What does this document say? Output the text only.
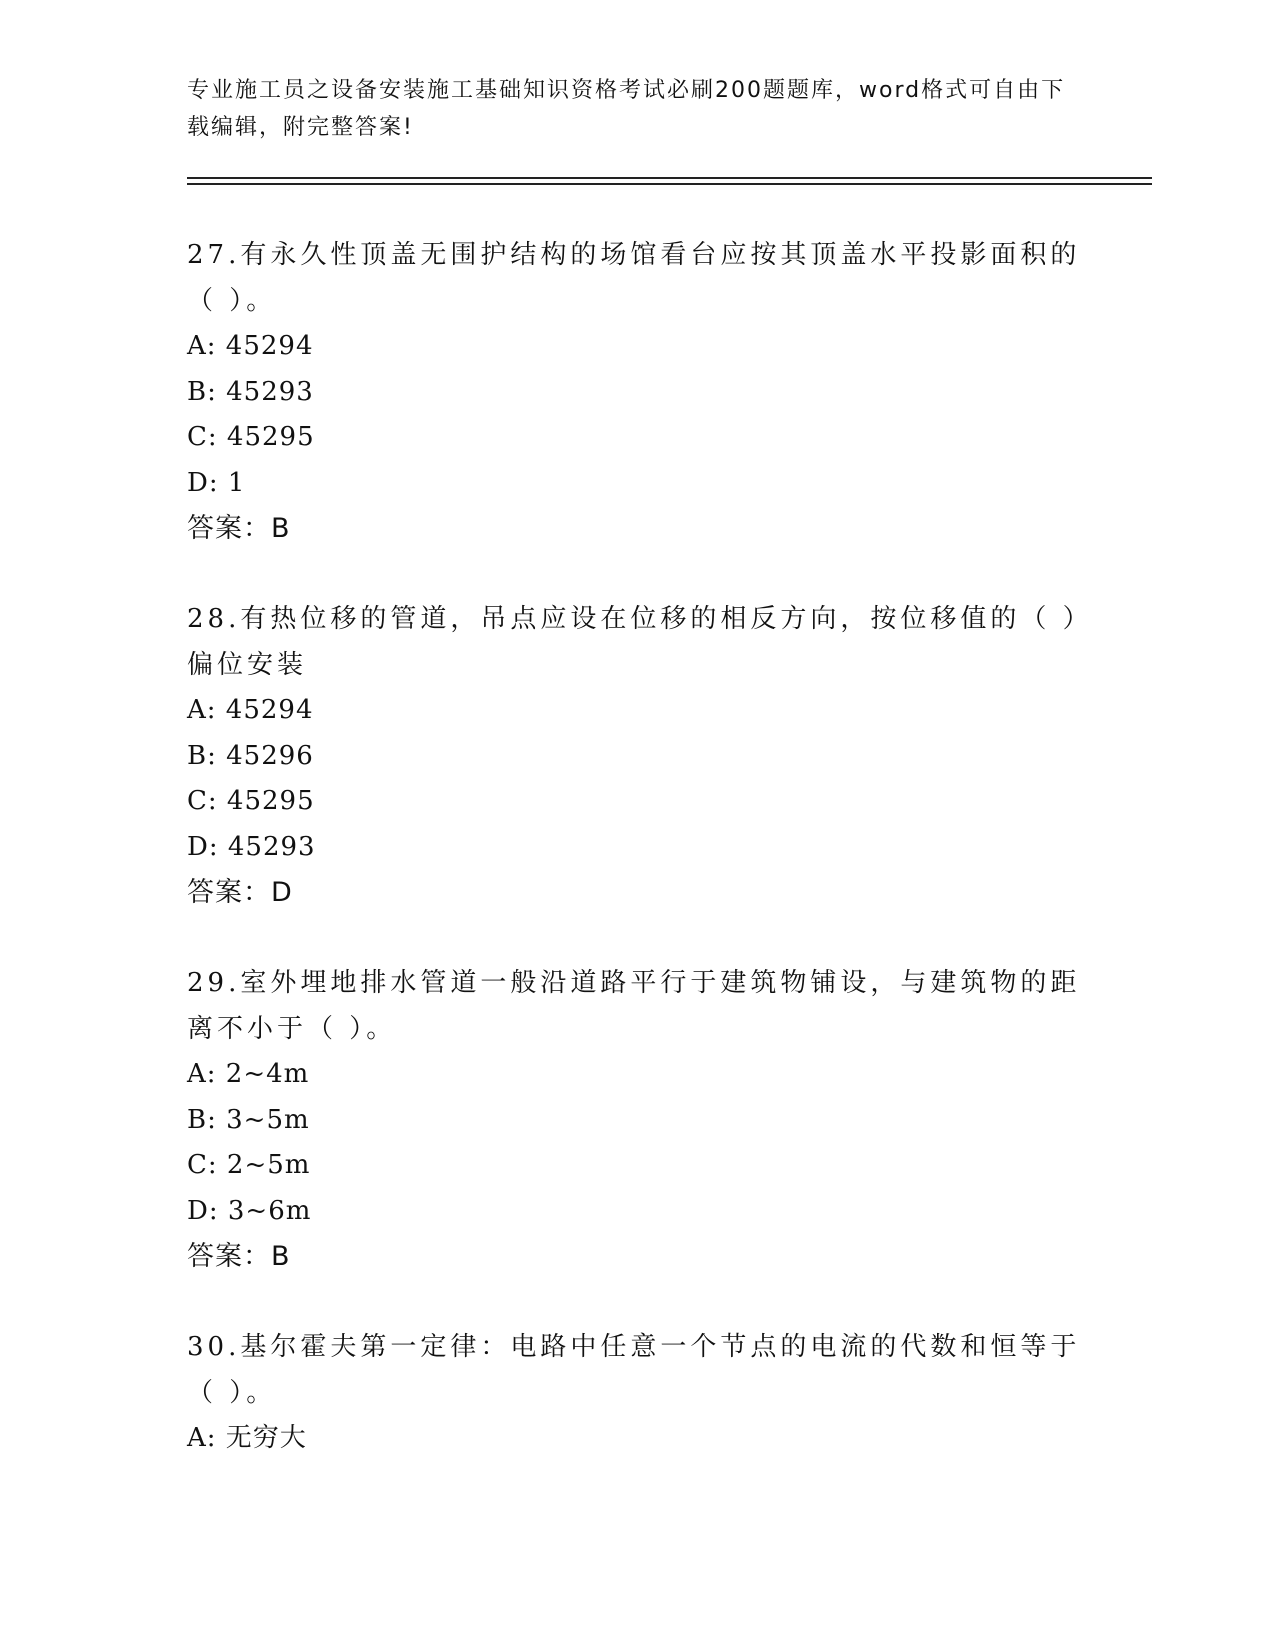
专业施工员之设备安装施工基础知识资格考试必刷200题题库，word格式可自由下载编辑，附完整答案!

27.有永久性顶盖无围护结构的场馆看台应按其顶盖水平投影面积的（ ）。

A: 45294

B: 45293

C: 45295

D: 1

答案：B

28.有热位移的管道，吊点应设在位移的相反方向，按位移值的（ ）偏位安装

A: 45294

B: 45296

C: 45295

D: 45293

答案：D

29.室外埋地排水管道一般沿道路平行于建筑物铺设，与建筑物的距离不小于（ ）。

A: 2~4m

B: 3~5m

C: 2~5m

D: 3~6m

答案：B

30.基尔霍夫第一定律：电路中任意一个节点的电流的代数和恒等于（ ）。

A: 无穷大
